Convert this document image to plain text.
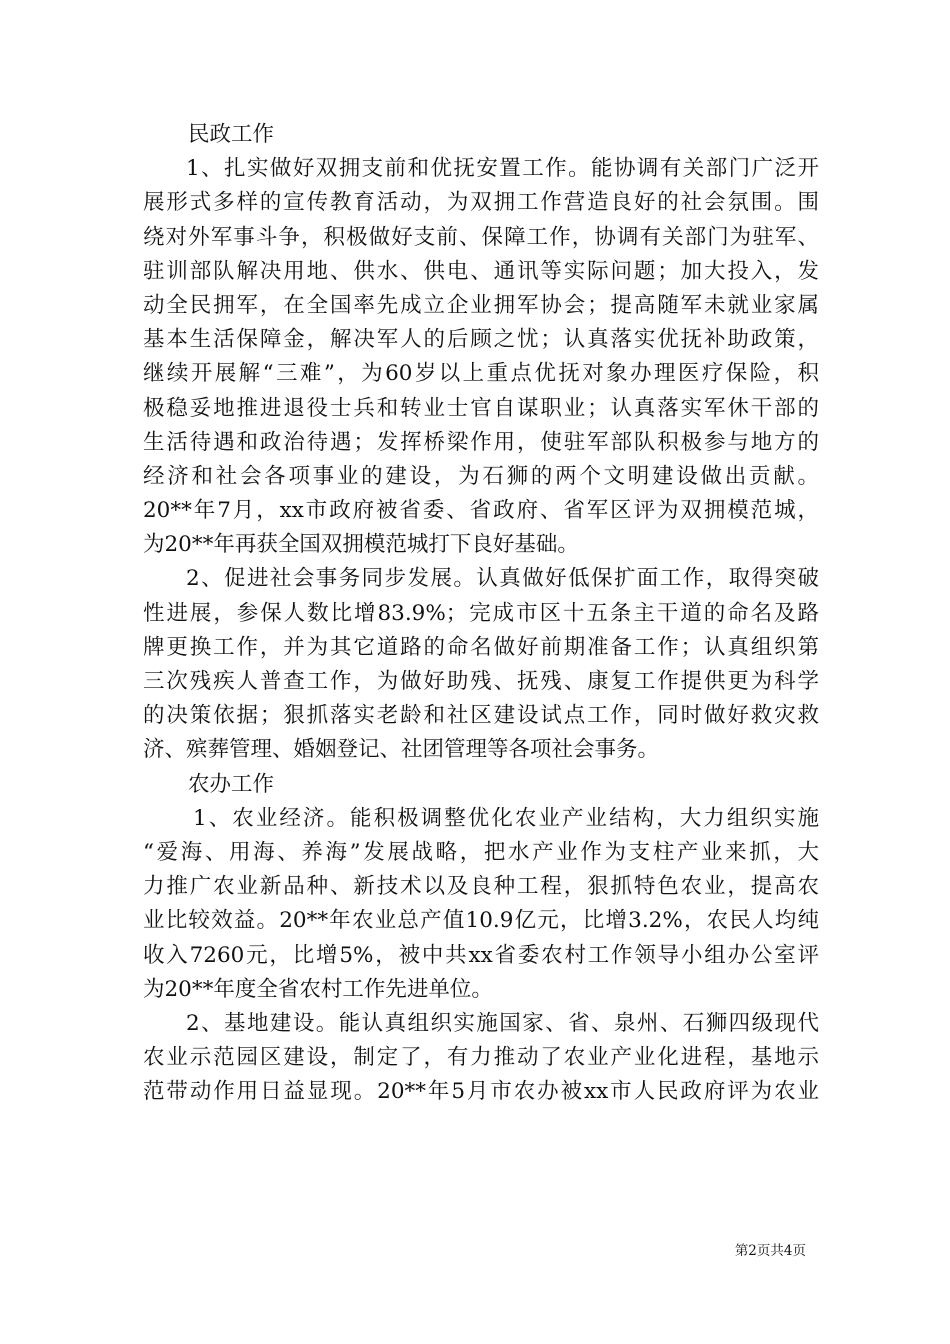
民政工作
1、扎实做好双拥支前和优抚安置工作。能协调有关部门广泛开
展形式多样的宣传教育活动，为双拥工作营造良好的社会氛围。围
绕对外军事斗争，积极做好支前、保障工作，协调有关部门为驻军、
驻训部队解决用地、供水、供电、通讯等实际问题；加大投入，发
动全民拥军，在全国率先成立企业拥军协会；提高随军未就业家属
基本生活保障金，解决军人的后顾之忧；认真落实优抚补助政策，
继续开展解“三难”，为60岁以上重点优抚对象办理医疗保险，积
极稳妥地推进退役士兵和转业士官自谋职业；认真落实军休干部的
生活待遇和政治待遇；发挥桥梁作用，使驻军部队积极参与地方的
经济和社会各项事业的建设，为石狮的两个文明建设做出贡献。
20**年7月，xx市政府被省委、省政府、省军区评为双拥模范城，
为20**年再获全国双拥模范城打下良好基础。
2、促进社会事务同步发展。认真做好低保扩面工作，取得突破
性进展，参保人数比增83.9%；完成市区十五条主干道的命名及路
牌更换工作，并为其它道路的命名做好前期准备工作；认真组织第
三次残疾人普查工作，为做好助残、抚残、康复工作提供更为科学
的决策依据；狠抓落实老龄和社区建设试点工作，同时做好救灾救
济、殡葬管理、婚姻登记、社团管理等各项社会事务。
农办工作
1、农业经济。能积极调整优化农业产业结构，大力组织实施
“爱海、用海、养海”发展战略，把水产业作为支柱产业来抓，大
力推广农业新品种、新技术以及良种工程，狠抓特色农业，提高农
业比较效益。20**年农业总产值10.9亿元，比增3.2%，农民人均纯
收入7260元，比增5%，被中共xx省委农村工作领导小组办公室评
为20**年度全省农村工作先进单位。
2、基地建设。能认真组织实施国家、省、泉州、石狮四级现代
农业示范园区建设，制定了，有力推动了农业产业化进程，基地示
范带动作用日益显现。20**年5月市农办被xx市人民政府评为农业
第2页共4页
